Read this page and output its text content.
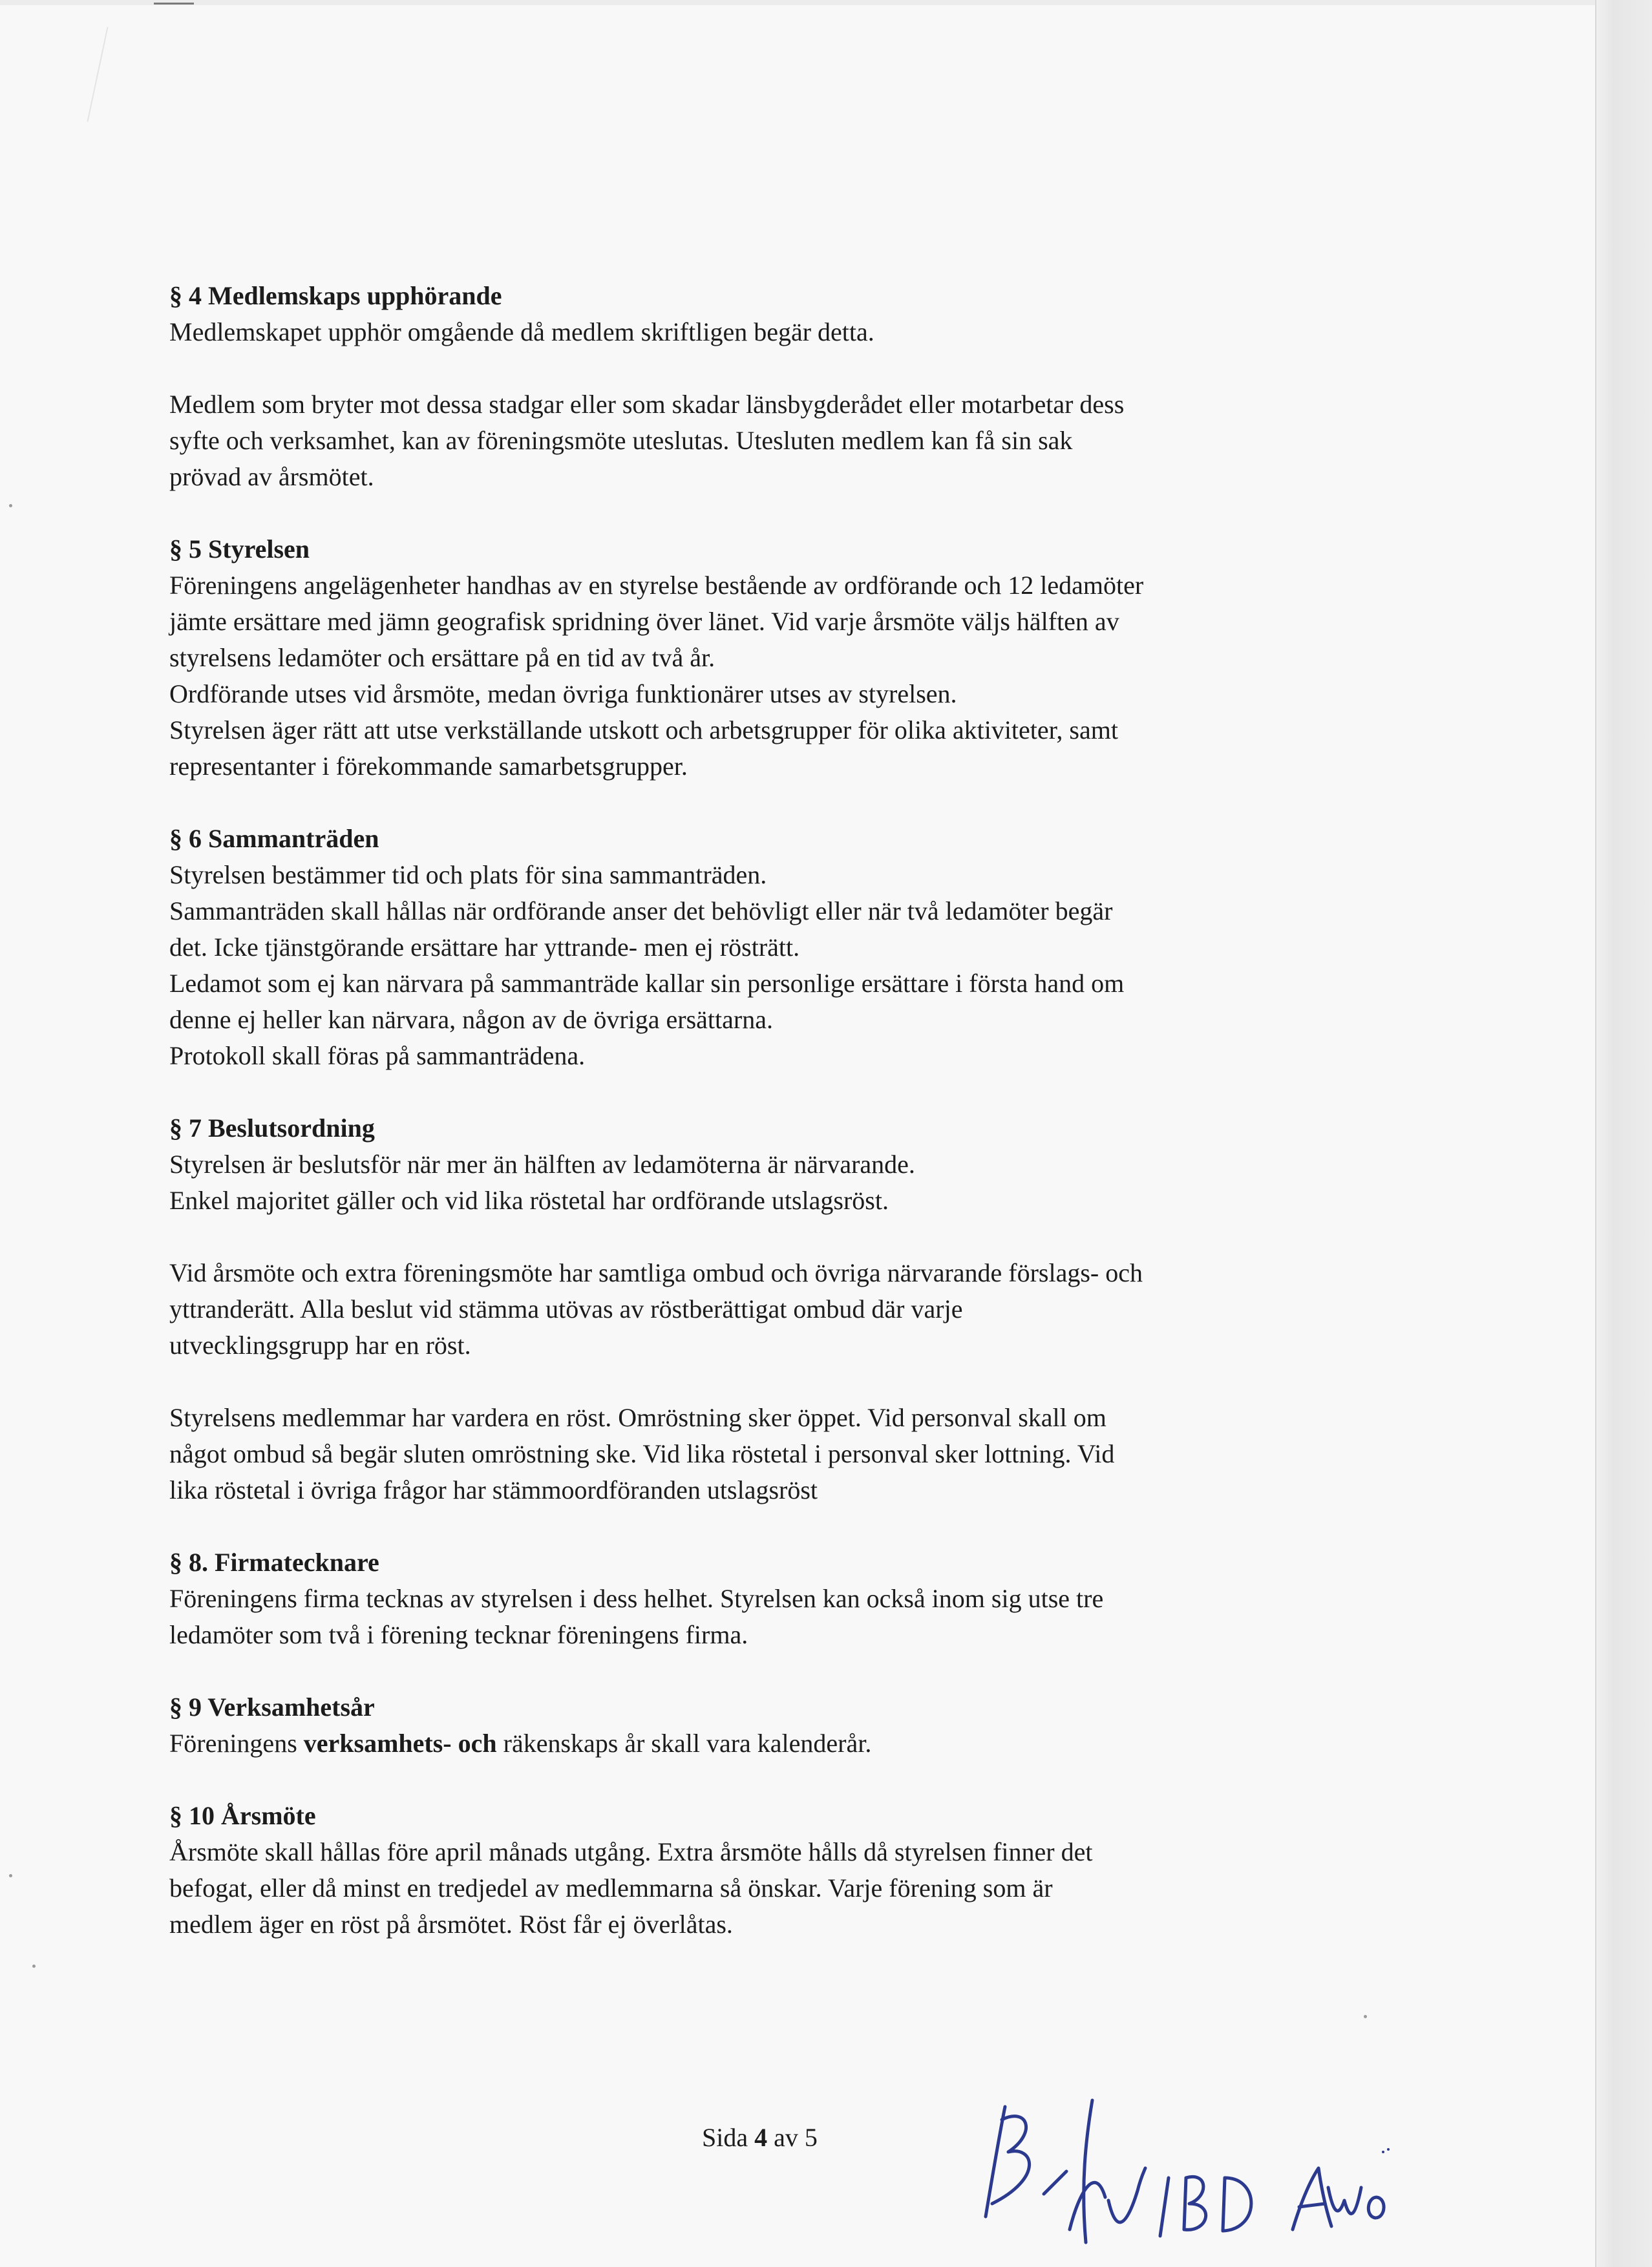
§ 4 Medlemskaps upphörande
Medlemskapet upphör omgående då medlem skriftligen begär detta.
Medlem som bryter mot dessa stadgar eller som skadar länsbygderådet eller motarbetar dess
syfte och verksamhet, kan av föreningsmöte uteslutas. Utesluten medlem kan få sin sak
prövad av årsmötet.
§ 5 Styrelsen
Föreningens angelägenheter handhas av en styrelse bestående av ordförande och 12 ledamöter
jämte ersättare med jämn geografisk spridning över länet. Vid varje årsmöte väljs hälften av
styrelsens ledamöter och ersättare på en tid av två år.
Ordförande utses vid årsmöte, medan övriga funktionärer utses av styrelsen.
Styrelsen äger rätt att utse verkställande utskott och arbetsgrupper för olika aktiviteter, samt
representanter i förekommande samarbetsgrupper.
§ 6 Sammanträden
Styrelsen bestämmer tid och plats för sina sammanträden.
Sammanträden skall hållas när ordförande anser det behövligt eller när två ledamöter begär
det. Icke tjänstgörande ersättare har yttrande- men ej rösträtt.
Ledamot som ej kan närvara på sammanträde kallar sin personlige ersättare i första hand om
denne ej heller kan närvara, någon av de övriga ersättarna.
Protokoll skall föras på sammanträdena.
§ 7 Beslutsordning
Styrelsen är beslutsför när mer än hälften av ledamöterna är närvarande.
Enkel majoritet gäller och vid lika röstetal har ordförande utslagsröst.
Vid årsmöte och extra föreningsmöte har samtliga ombud och övriga närvarande förslags- och
yttranderätt. Alla beslut vid stämma utövas av röstberättigat ombud där varje
utvecklingsgrupp har en röst.
Styrelsens medlemmar har vardera en röst. Omröstning sker öppet. Vid personval skall om
något ombud så begär sluten omröstning ske. Vid lika röstetal i personval sker lottning. Vid
lika röstetal i övriga frågor har stämmoordföranden utslagsröst
§ 8. Firmatecknare
Föreningens firma tecknas av styrelsen i dess helhet. Styrelsen kan också inom sig utse tre
ledamöter som två i förening tecknar föreningens firma.
§ 9 Verksamhetsår
Föreningens verksamhets- och räkenskaps år skall vara kalenderår.
§ 10 Årsmöte
Årsmöte skall hållas före april månads utgång. Extra årsmöte hålls då styrelsen finner det
befogat, eller då minst en tredjedel av medlemmarna så önskar. Varje förening som är
medlem äger en röst på årsmötet. Röst får ej överlåtas.
Sida 4 av 5
